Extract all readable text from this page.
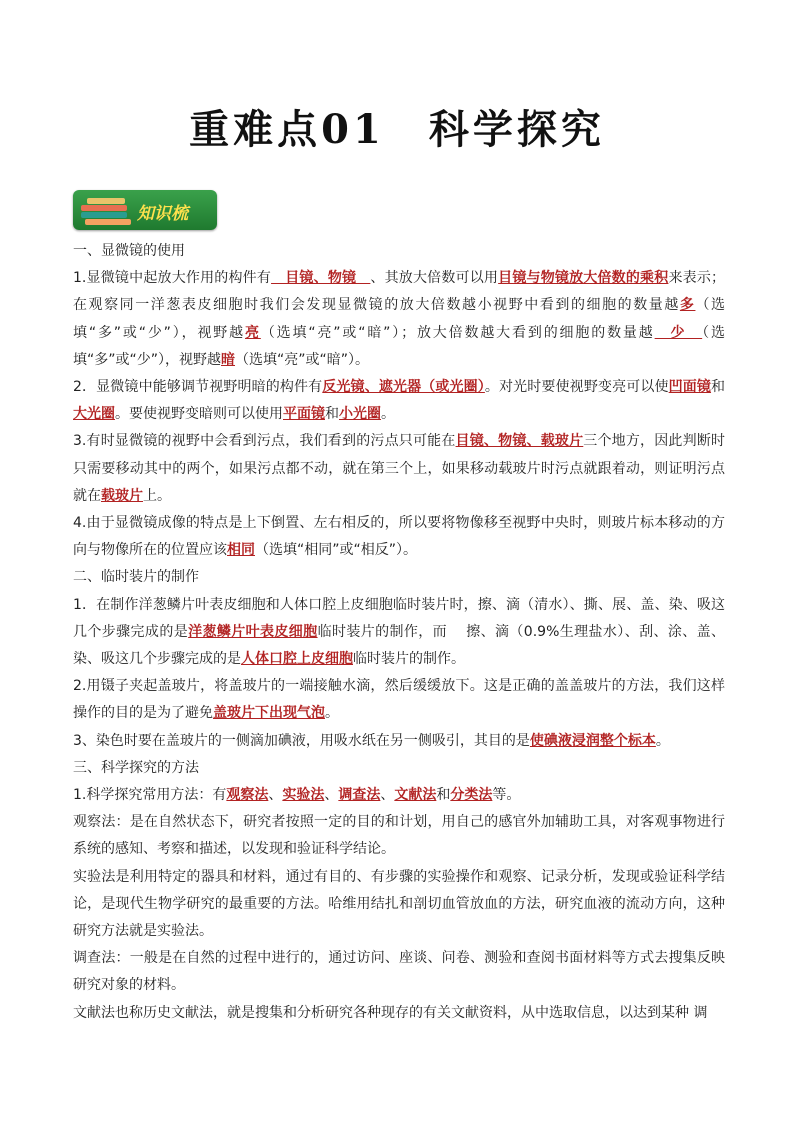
重难点01　科学探究
知识梳

一、显微镜的使用

1.显微镜中起放大作用的构件有　目镜、物镜　、其放大倍数可以用目镜与物镜放大倍数的乘积来表示；在观察同一洋葱表皮细胞时我们会发现显微镜的放大倍数越小视野中看到的细胞的数量越多（选填“多”或“少”），视野越亮（选填“亮”或“暗”）；放大倍数越大看到的细胞的数量越　少　（选填“多”或“少”），视野越暗（选填“亮”或“暗”）。

2．显微镜中能够调节视野明暗的构件有反光镜、遮光器（或光圈）。对光时要使视野变亮可以使凹面镜和大光圈。要使视野变暗则可以使用平面镜和小光圈。

3.有时显微镜的视野中会看到污点，我们看到的污点只可能在目镜、物镜、载玻片三个地方，因此判断时只需要移动其中的两个，如果污点都不动，就在第三个上，如果移动载玻片时污点就跟着动，则证明污点就在载玻片上。

4.由于显微镜成像的特点是上下倒置、左右相反的，所以要将物像移至视野中央时，则玻片标本移动的方向与物像所在的位置应该相同（选填“相同”或“相反”）。

二、临时装片的制作

1．在制作洋葱鳞片叶表皮细胞和人体口腔上皮细胞临时装片时，擦、滴（清水）、撕、展、盖、染、吸这几个步骤完成的是洋葱鳞片叶表皮细胞临时装片的制作，而　 擦、滴（0.9%生理盐水）、刮、涂、盖、染、吸这几个步骤完成的是人体口腔上皮细胞临时装片的制作。

2.用镊子夹起盖玻片，将盖玻片的一端接触水滴，然后缓缓放下。这是正确的盖盖玻片的方法，我们这样操作的目的是为了避免盖玻片下出现气泡。

3、染色时要在盖玻片的一侧滴加碘液，用吸水纸在另一侧吸引，其目的是使碘液浸润整个标本。

三、科学探究的方法

1.科学探究常用方法：有观察法、实验法、调查法、文献法和分类法等。

观察法：是在自然状态下，研究者按照一定的目的和计划，用自己的感官外加辅助工具，对客观事物进行系统的感知、考察和描述，以发现和验证科学结论。

实验法是利用特定的器具和材料，通过有目的、有步骤的实验操作和观察、记录分析，发现或验证科学结论，是现代生物学研究的最重要的方法。哈维用结扎和剖切血管放血的方法，研究血液的流动方向，这种研究方法就是实验法。

调查法：一般是在自然的过程中进行的，通过访问、座谈、问卷、测验和查阅书面材料等方式去搜集反映研究对象的材料。

文献法也称历史文献法，就是搜集和分析研究各种现存的有关文献资料，从中选取信息，以达到某种 调
